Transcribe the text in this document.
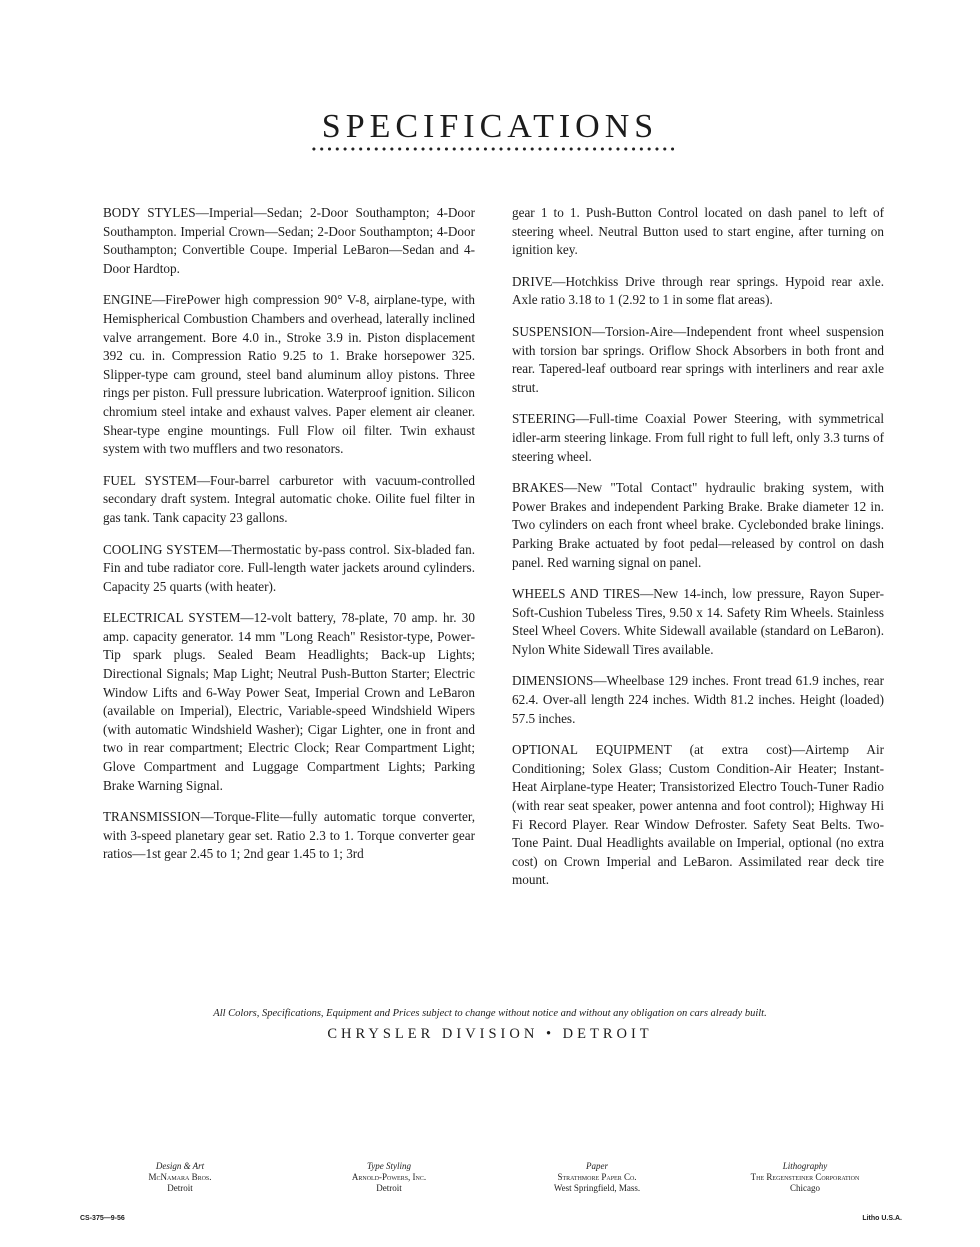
SPECIFICATIONS

BODY STYLES—Imperial—Sedan; 2-Door Southampton; 4-Door Southampton. Imperial Crown—Sedan; 2-Door Southampton; 4-Door Southampton; Convertible Coupe. Imperial LeBaron—Sedan and 4-Door Hardtop.

ENGINE—FirePower high compression 90° V-8, airplane-type, with Hemispherical Combustion Chambers and overhead, laterally inclined valve arrangement. Bore 4.0 in., Stroke 3.9 in. Piston displacement 392 cu. in. Compression Ratio 9.25 to 1. Brake horsepower 325. Slipper-type cam ground, steel band aluminum alloy pistons. Three rings per piston. Full pressure lubrication. Waterproof ignition. Silicon chromium steel intake and exhaust valves. Paper element air cleaner. Shear-type engine mountings. Full Flow oil filter. Twin exhaust system with two mufflers and two resonators.

FUEL SYSTEM—Four-barrel carburetor with vacuum-controlled secondary draft system. Integral automatic choke. Oilite fuel filter in gas tank. Tank capacity 23 gallons.

COOLING SYSTEM—Thermostatic by-pass control. Six-bladed fan. Fin and tube radiator core. Full-length water jackets around cylinders. Capacity 25 quarts (with heater).

ELECTRICAL SYSTEM—12-volt battery, 78-plate, 70 amp. hr. 30 amp. capacity generator. 14 mm "Long Reach" Resistor-type, Power-Tip spark plugs. Sealed Beam Headlights; Back-up Lights; Directional Signals; Map Light; Neutral Push-Button Starter; Electric Window Lifts and 6-Way Power Seat, Imperial Crown and LeBaron (available on Imperial), Electric, Variable-speed Windshield Wipers (with automatic Windshield Washer); Cigar Lighter, one in front and two in rear compartment; Electric Clock; Rear Compartment Light; Glove Compartment and Luggage Compartment Lights; Parking Brake Warning Signal.

TRANSMISSION—Torque-Flite—fully automatic torque converter, with 3-speed planetary gear set. Ratio 2.3 to 1. Torque converter gear ratios—1st gear 2.45 to 1; 2nd gear 1.45 to 1; 3rd

gear 1 to 1. Push-Button Control located on dash panel to left of steering wheel. Neutral Button used to start engine, after turning on ignition key.

DRIVE—Hotchkiss Drive through rear springs. Hypoid rear axle. Axle ratio 3.18 to 1 (2.92 to 1 in some flat areas).

SUSPENSION—Torsion-Aire—Independent front wheel suspension with torsion bar springs. Oriflow Shock Absorbers in both front and rear. Tapered-leaf outboard rear springs with interliners and rear axle strut.

STEERING—Full-time Coaxial Power Steering, with symmetrical idler-arm steering linkage. From full right to full left, only 3.3 turns of steering wheel.

BRAKES—New "Total Contact" hydraulic braking system, with Power Brakes and independent Parking Brake. Brake diameter 12 in. Two cylinders on each front wheel brake. Cyclebonded brake linings. Parking Brake actuated by foot pedal—released by control on dash panel. Red warning signal on panel.

WHEELS AND TIRES—New 14-inch, low pressure, Rayon Super-Soft-Cushion Tubeless Tires, 9.50 x 14. Safety Rim Wheels. Stainless Steel Wheel Covers. White Sidewall available (standard on LeBaron). Nylon White Sidewall Tires available.

DIMENSIONS—Wheelbase 129 inches. Front tread 61.9 inches, rear 62.4. Over-all length 224 inches. Width 81.2 inches. Height (loaded) 57.5 inches.

OPTIONAL EQUIPMENT (at extra cost)—Airtemp Air Conditioning; Solex Glass; Custom Condition-Air Heater; Instant-Heat Airplane-type Heater; Transistorized Electro Touch-Tuner Radio (with rear seat speaker, power antenna and foot control); Highway Hi Fi Record Player. Rear Window Defroster. Safety Seat Belts. Two-Tone Paint. Dual Headlights available on Imperial, optional (no extra cost) on Crown Imperial and LeBaron. Assimilated rear deck tire mount.

All Colors, Specifications, Equipment and Prices subject to change without notice and without any obligation on cars already built.
CHRYSLER DIVISION • DETROIT
Design & Art
McNamara Bros.
Detroit
Type Styling
Arnold-Powers, Inc.
Detroit
Paper
Strathmore Paper Co.
West Springfield, Mass.
Lithography
The Regensteiner Corporation
Chicago
CS-375—9-56	Litho U.S.A.
